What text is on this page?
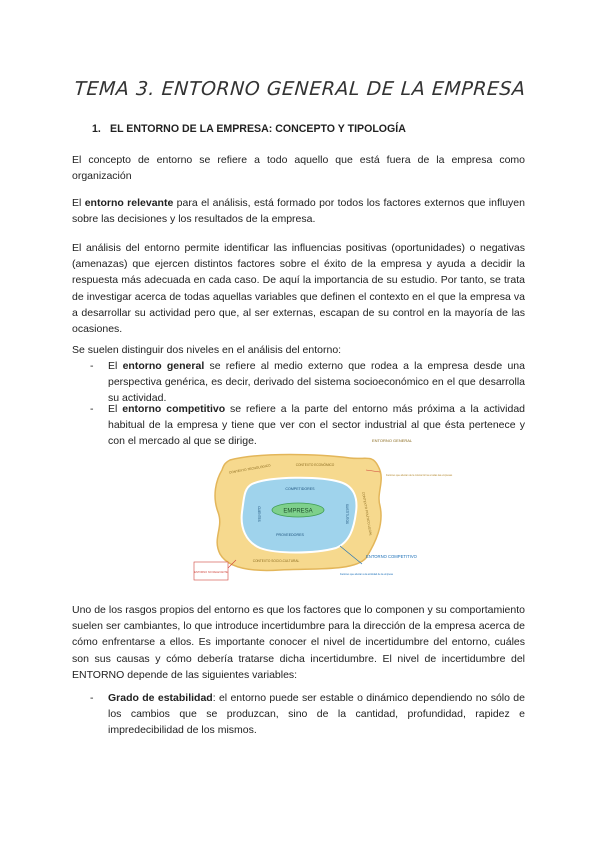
TEMA 3. ENTORNO GENERAL DE LA EMPRESA
1. EL ENTORNO DE LA EMPRESA: CONCEPTO Y TIPOLOGÍA

El concepto de entorno se refiere a todo aquello que está fuera de la empresa como organización

El entorno relevante para el análisis, está formado por todos los factores externos que influyen sobre las decisiones y los resultados de la empresa.

El análisis del entorno permite identificar las influencias positivas (oportunidades) o negativas (amenazas) que ejercen distintos factores sobre el éxito de la empresa y ayuda a decidir la respuesta más adecuada en cada caso. De aquí la importancia de su estudio. Por tanto, se trata de investigar acerca de todas aquellas variables que definen el contexto en el que la empresa va a desarrollar su actividad pero que, al ser externas, escapan de su control en la mayoría de las ocasiones.

Se suelen distinguir dos niveles en el análisis del entorno:

- El entorno general se refiere al medio externo que rodea a la empresa desde una perspectiva genérica, es decir, derivado del sistema socioeconómico en el que desarrolla su actividad.
- El entorno competitivo se refiere a la parte del entorno más próxima a la actividad habitual de la empresa y tiene que ver con el sector industrial al que ésta pertenece y con el mercado al que se dirige.
EMPRESA
COMPETIDORES
PROVEEDORES
CLIENTES	SUSTITUTOS
CONTEXTO TECNOLÓGICO	CONTEXTO ECONÓMICO
CONTEXTO POLÍTICO-LEGAL
CONTEXTO SOCIO-CULTURAL
ENTORNO GENERAL
Factores que afectan de la misma forma a todas las empresas
ENTORNO COMPETITIVO
Factores que afectan a la actividad de la empresa
ENTORNO NO RELEVANTE

Uno de los rasgos propios del entorno es que los factores que lo componen y su comportamiento suelen ser cambiantes, lo que introduce incertidumbre para la dirección de la empresa acerca de cómo enfrentarse a ellos. Es importante conocer el nivel de incertidumbre del entorno, cuáles son sus causas y cómo debería tratarse dicha incertidumbre. El nivel de incertidumbre del ENTORNO depende de las siguientes variables:

- Grado de estabilidad: el entorno puede ser estable o dinámico dependiendo no sólo de los cambios que se produzcan, sino de la cantidad, profundidad, rapidez e impredecibilidad de los mismos.
